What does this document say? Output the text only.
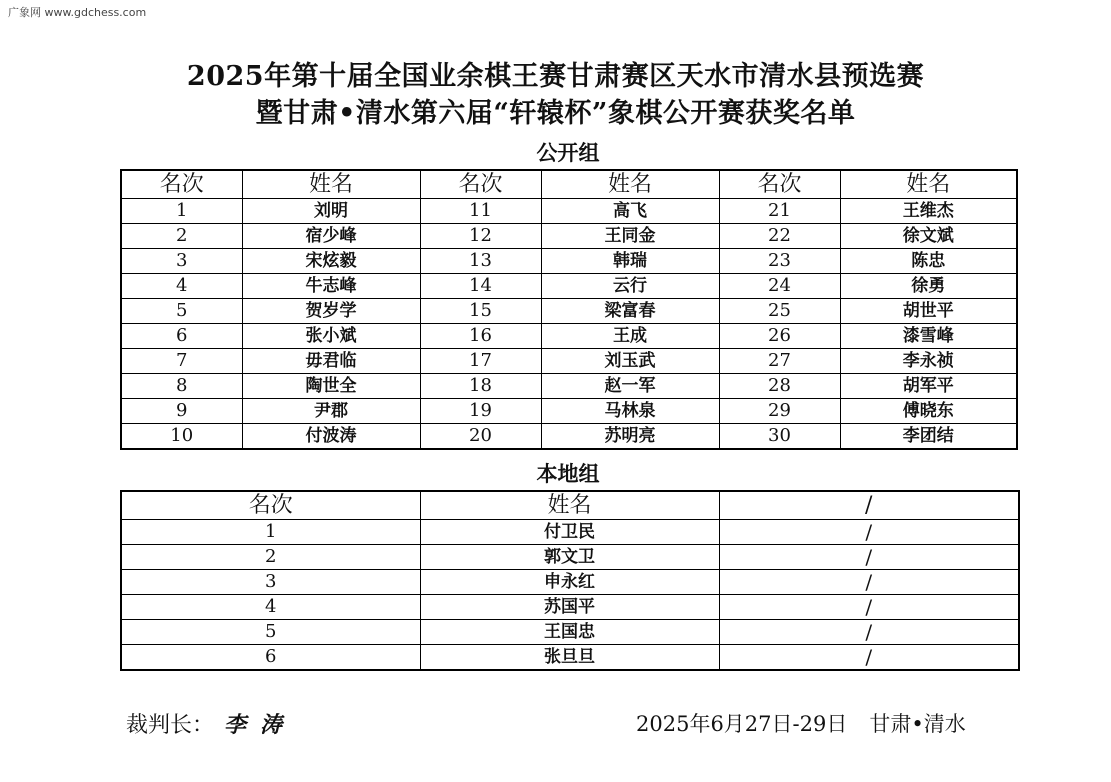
广象网 www.gdchess.com
2025年第十届全国业余棋王赛甘肃赛区天水市清水县预选赛
暨甘肃•清水第六届“轩辕杯”象棋公开赛获奖名单
公开组
名次	姓名	名次	姓名	名次	姓名
1	刘明	11	高飞	21	王维杰
2	宿少峰	12	王同金	22	徐文斌
3	宋炫毅	13	韩瑞	23	陈忠
4	牛志峰	14	云行	24	徐勇
5	贺岁学	15	梁富春	25	胡世平
6	张小斌	16	王成	26	漆雪峰
7	毋君临	17	刘玉武	27	李永祯
8	陶世全	18	赵一军	28	胡军平
9	尹郡	19	马林泉	29	傅晓东
10	付波涛	20	苏明亮	30	李团结
本地组
名次	姓名	/
1	付卫民	/
2	郭文卫	/
3	申永红	/
4	苏国平	/
5	王国忠	/
6	张旦旦	/
裁判长： 李涛	2025年6月27日-29日 甘肃•清水
